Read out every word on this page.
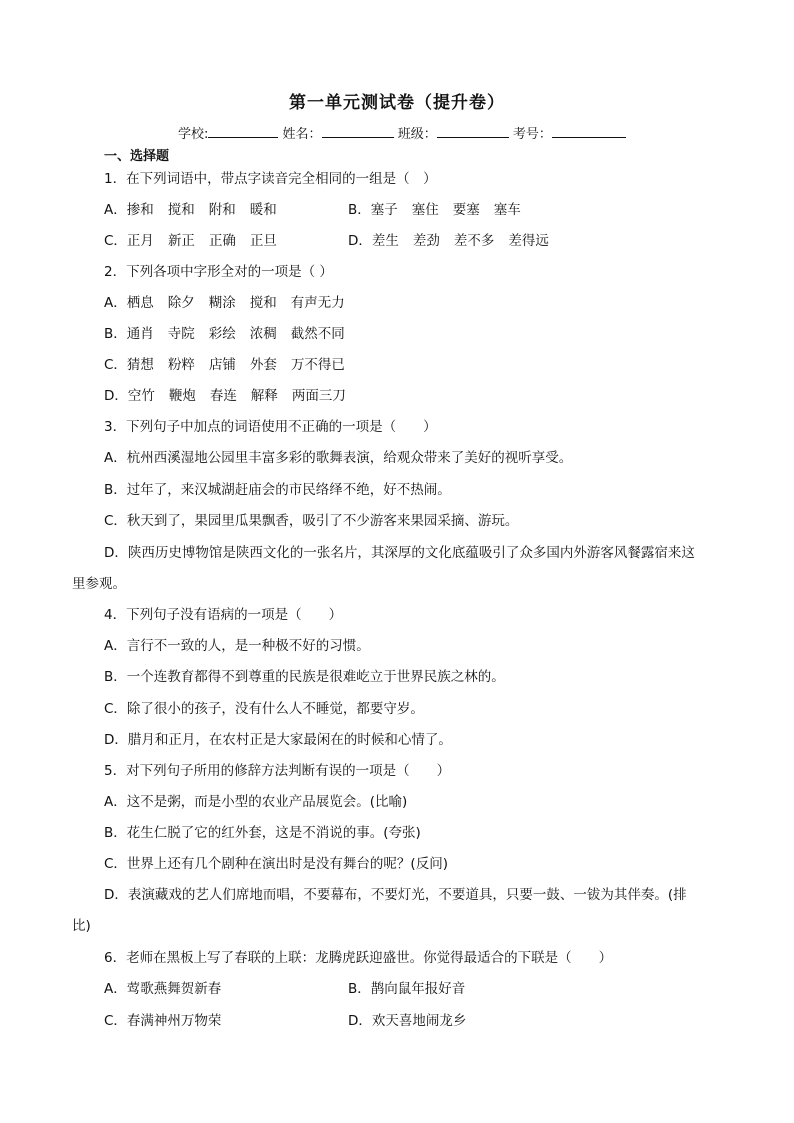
第一单元测试卷（提升卷）
学校:	姓名：	班级：	考号：
一、选择题
1．在下列词语中，带点字读音完全相同的一组是（　）
A．掺和 搅和 附和 暖和	B．塞子 塞住 要塞 塞车
C．正月 新正 正确 正旦	D．差生 差劲 差不多 差得远
2．下列各项中字形全对的一项是（ ）
A．栖息 除夕 糊涂 搅和 有声无力
B．通肖 寺院 彩绘 浓稠 截然不同
C．猜想 粉粹 店铺 外套 万不得已
D．空竹 鞭炮 春连 解释 两面三刀
3．下列句子中加点的词语使用不正确的一项是（　　）
A．杭州西溪湿地公园里丰富多彩的歌舞表演，给观众带来了美好的视听享受。
B．过年了，来汉城湖赶庙会的市民络绎不绝，好不热闹。
C．秋天到了，果园里瓜果飘香，吸引了不少游客来果园采摘、游玩。
D．陕西历史博物馆是陕西文化的一张名片，其深厚的文化底蕴吸引了众多国内外游客风餐露宿来这
里参观。
4．下列句子没有语病的一项是（　　）
A．言行不一致的人，是一种极不好的习惯。
B．一个连教育都得不到尊重的民族是很难屹立于世界民族之林的。
C．除了很小的孩子，没有什么人不睡觉，都要守岁。
D．腊月和正月，在农村正是大家最闲在的时候和心情了。
5．对下列句子所用的修辞方法判断有误的一项是（　　）
A．这不是粥，而是小型的农业产品展览会。(比喻)
B．花生仁脱了它的红外套，这是不消说的事。(夸张)
C．世界上还有几个剧种在演出时是没有舞台的呢？(反问)
D．表演藏戏的艺人们席地而唱，不要幕布，不要灯光，不要道具，只要一鼓、一钹为其伴奏。(排
比)
6．老师在黑板上写了春联的上联：龙腾虎跃迎盛世。你觉得最适合的下联是（　　）
A．莺歌燕舞贺新春	B．鹊向鼠年报好音
C．春满神州万物荣	D．欢天喜地闹龙乡
